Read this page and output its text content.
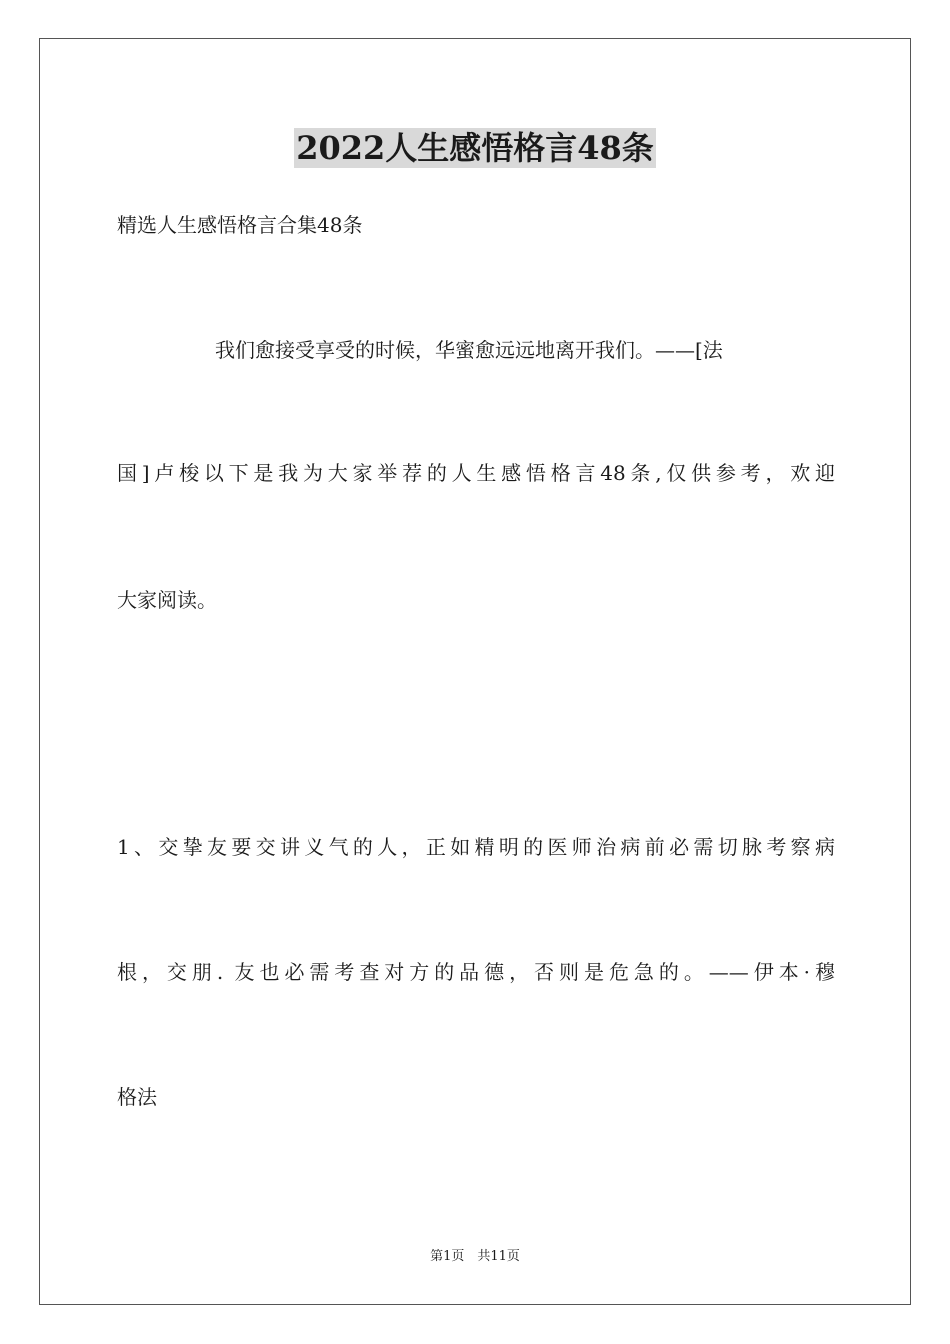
2022人生感悟格言48条
精选人生感悟格言合集48条
我们愈接受享受的时候，华蜜愈远远地离开我们。——[法
国]卢梭以下是我为大家举荐的人生感悟格言48条,仅供参考，欢迎
大家阅读。
1、交挚友要交讲义气的人，正如精明的医师治病前必需切脉考察病
根，交朋. 友也必需考查对方的品德，否则是危急的。——伊本·穆
格法
第1页　共11页
